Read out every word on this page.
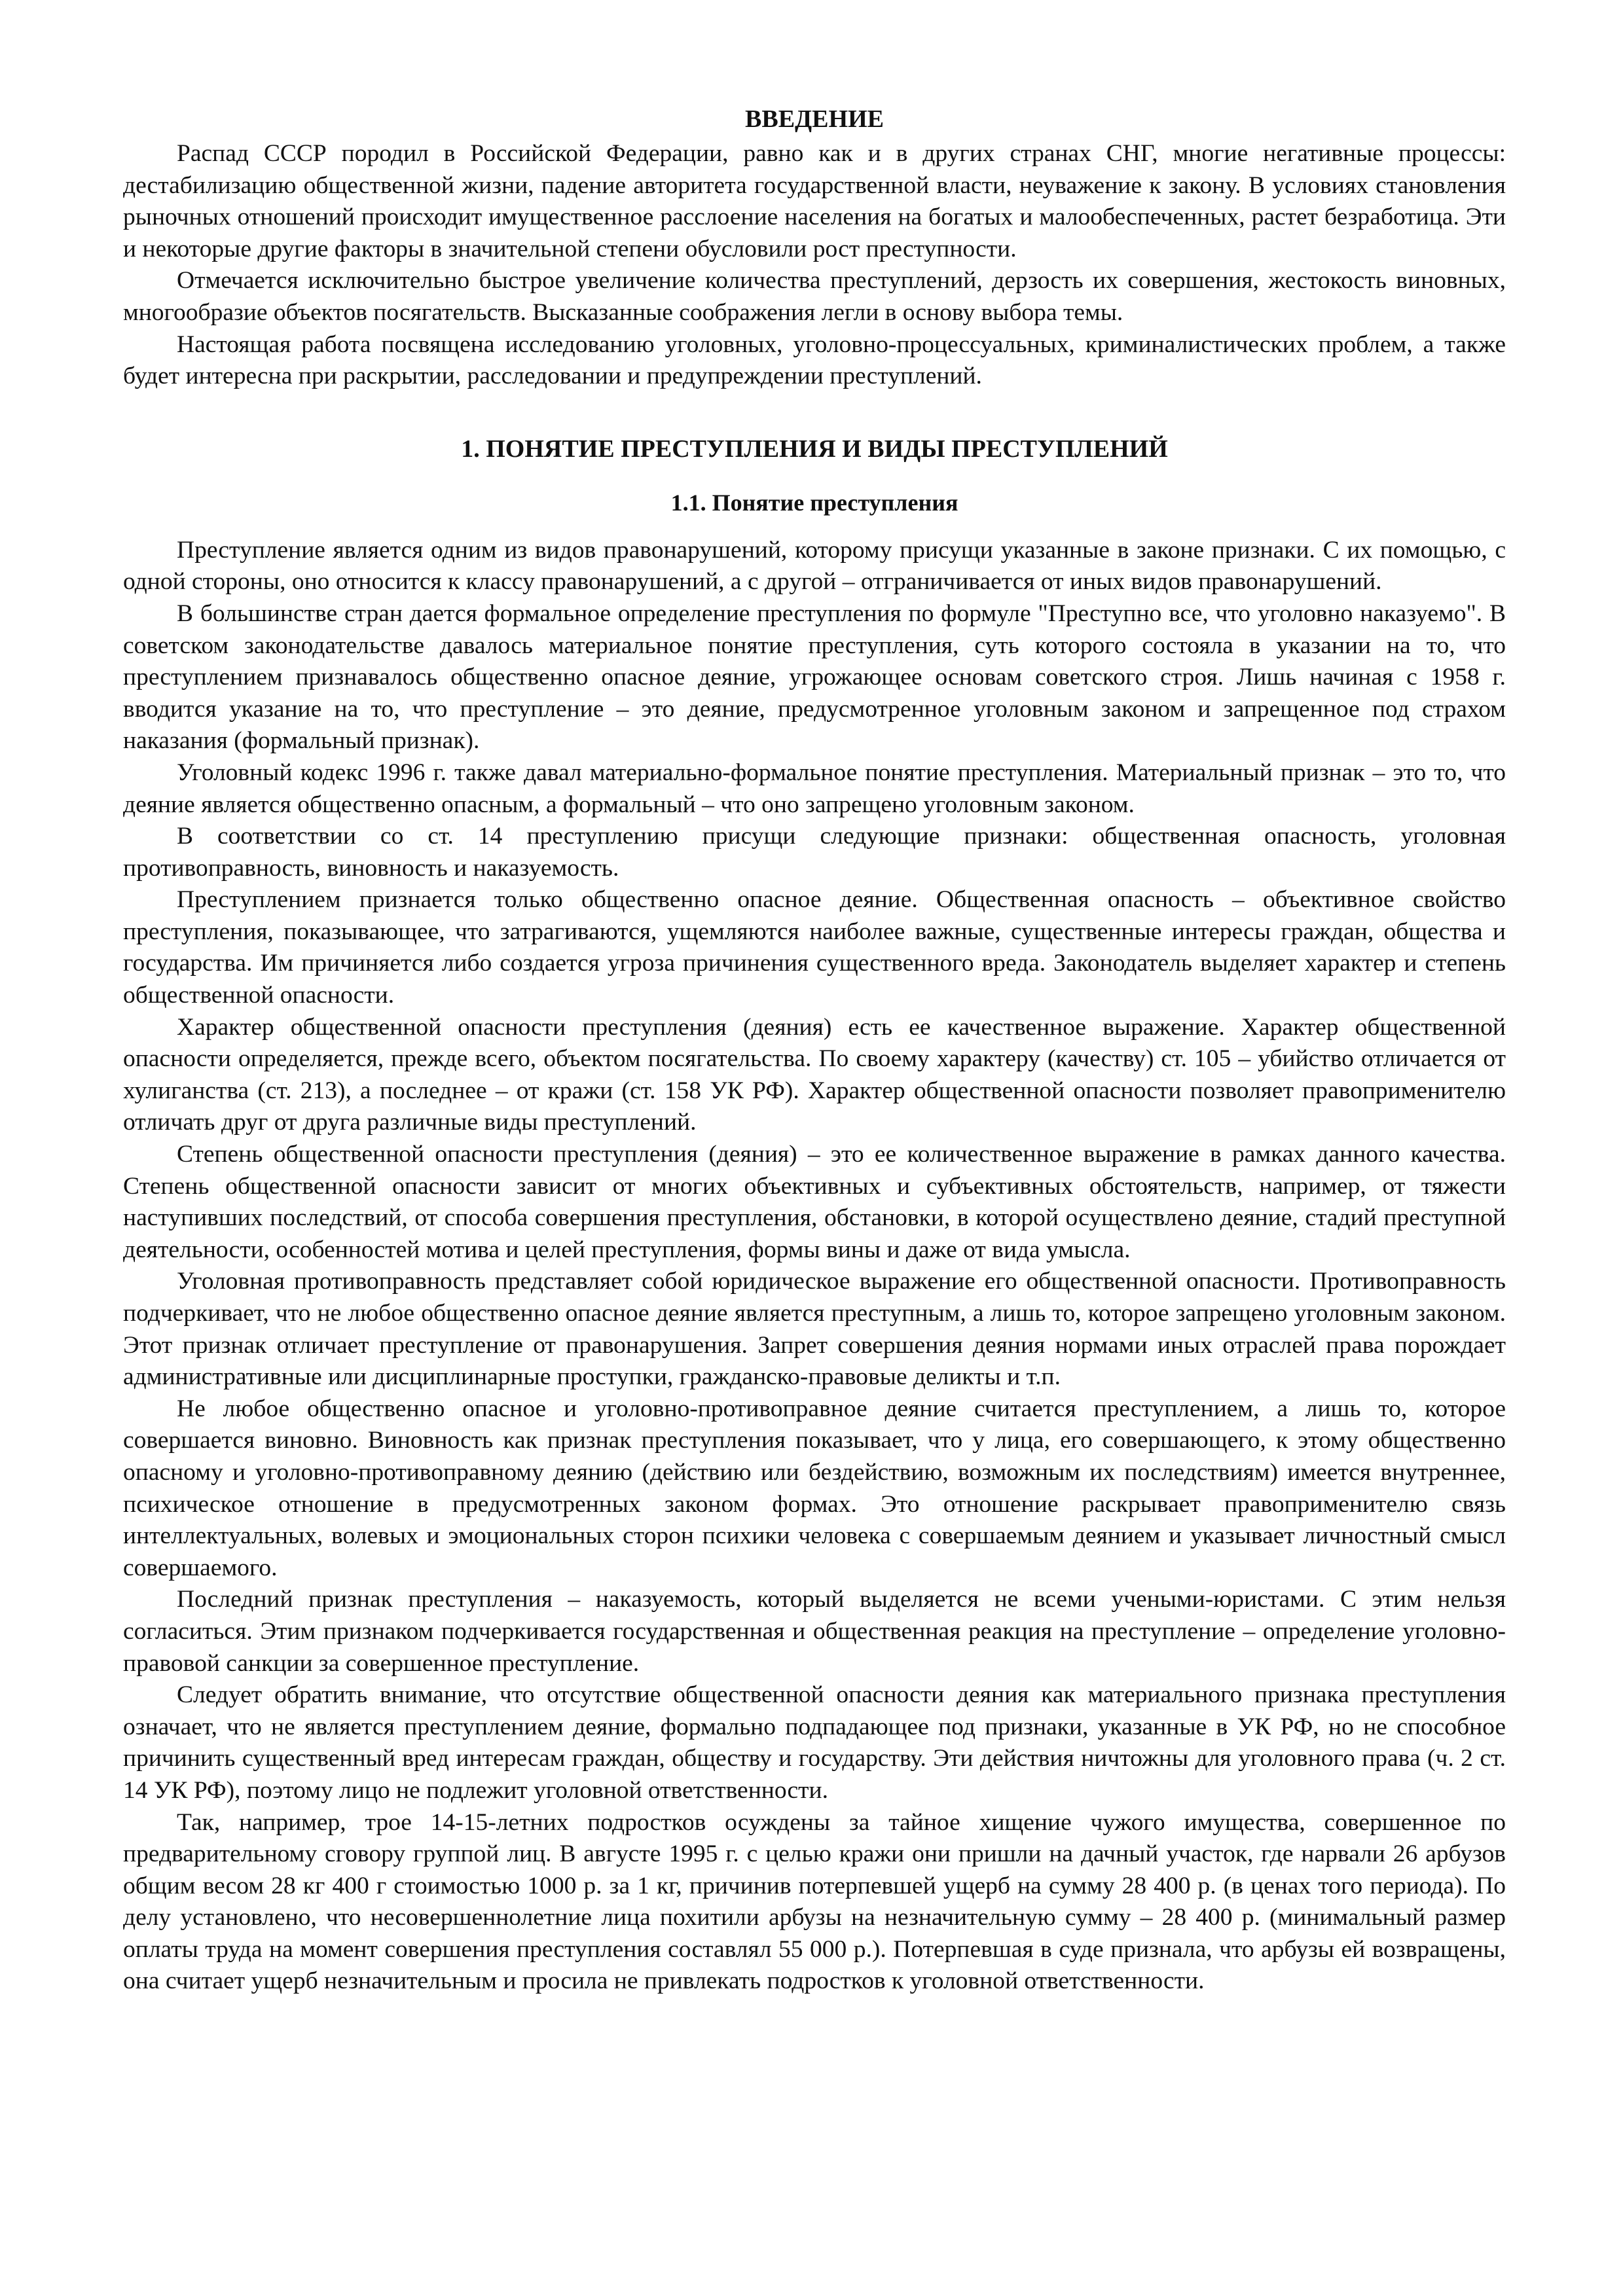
ВВЕДЕНИЕ

Распад СССР породил в Российской Федерации, равно как и в других странах СНГ, многие негативные процессы: дестабилизацию общественной жизни, падение авторитета государственной власти, неуважение к закону. В условиях становления рыночных отношений происходит имущественное расслоение населения на богатых и малообеспеченных, растет безработица. Эти и некоторые другие факторы в значительной степени обусловили рост преступности.

Отмечается исключительно быстрое увеличение количества преступлений, дерзость их совершения, жестокость виновных, многообразие объектов посягательств. Высказанные соображения легли в основу выбора темы.

Настоящая работа посвящена исследованию уголовных, уголовно-процессуальных, криминалистических проблем, а также будет интересна при раскрытии, расследовании и предупреждении преступлений.

1. ПОНЯТИЕ ПРЕСТУПЛЕНИЯ И ВИДЫ ПРЕСТУПЛЕНИЙ
1.1. Понятие преступления

Преступление является одним из видов правонарушений, которому присущи указанные в законе признаки. С их помощью, с одной стороны, оно относится к классу правонарушений, а с другой – отграничивается от иных видов правонарушений.

В большинстве стран дается формальное определение преступления по формуле "Преступно все, что уголовно наказуемо". В советском законодательстве давалось материальное понятие преступления, суть которого состояла в указании на то, что преступлением признавалось общественно опасное деяние, угрожающее основам советского строя. Лишь начиная с 1958 г. вводится указание на то, что преступление – это деяние, предусмотренное уголовным законом и запрещенное под страхом наказания (формальный признак).

Уголовный кодекс 1996 г. также давал материально-формальное понятие преступления. Материальный признак – это то, что деяние является общественно опасным, а формальный – что оно запрещено уголовным законом.

В соответствии со ст. 14 преступлению присущи следующие признаки: общественная опасность, уголовная противоправность, виновность и наказуемость.

Преступлением признается только общественно опасное деяние. Общественная опасность – объективное свойство преступления, показывающее, что затрагиваются, ущемляются наиболее важные, существенные интересы граждан, общества и государства. Им причиняется либо создается угроза причинения существенного вреда. Законодатель выделяет характер и степень общественной опасности.

Характер общественной опасности преступления (деяния) есть ее качественное выражение. Характер общественной опасности определяется, прежде всего, объектом посягательства. По своему характеру (качеству) ст. 105 – убийство отличается от хулиганства (ст. 213), а последнее – от кражи (ст. 158 УК РФ). Характер общественной опасности позволяет правоприменителю отличать друг от друга различные виды преступлений.

Степень общественной опасности преступления (деяния) – это ее количественное выражение в рамках данного качества. Степень общественной опасности зависит от многих объективных и субъективных обстоятельств, например, от тяжести наступивших последствий, от способа совершения преступления, обстановки, в которой осуществлено деяние, стадий преступной деятельности, особенностей мотива и целей преступления, формы вины и даже от вида умысла.

Уголовная противоправность представляет собой юридическое выражение его общественной опасности. Противоправность подчеркивает, что не любое общественно опасное деяние является преступным, а лишь то, которое запрещено уголовным законом. Этот признак отличает преступление от правонарушения. Запрет совершения деяния нормами иных отраслей права порождает административные или дисциплинарные проступки, гражданско-правовые деликты и т.п.

Не любое общественно опасное и уголовно-противоправное деяние считается преступлением, а лишь то, которое совершается виновно. Виновность как признак преступления показывает, что у лица, его совершающего, к этому общественно опасному и уголовно-противоправному деянию (действию или бездействию, возможным их последствиям) имеется внутреннее, психическое отношение в предусмотренных законом формах. Это отношение раскрывает правоприменителю связь интеллектуальных, волевых и эмоциональных сторон психики человека с совершаемым деянием и указывает личностный смысл совершаемого.

Последний признак преступления – наказуемость, который выделяется не всеми учеными-юристами. С этим нельзя согласиться. Этим признаком подчеркивается государственная и общественная реакция на преступление – определение уголовно-правовой санкции за совершенное преступление.

Следует обратить внимание, что отсутствие общественной опасности деяния как материального признака преступления означает, что не является преступлением деяние, формально подпадающее под признаки, указанные в УК РФ, но не способное причинить существенный вред интересам граждан, обществу и государству. Эти действия ничтожны для уголовного права (ч. 2 ст. 14 УК РФ), поэтому лицо не подлежит уголовной ответственности.

Так, например, трое 14-15-летних подростков осуждены за тайное хищение чужого имущества, совершенное по предварительному сговору группой лиц. В августе 1995 г. с целью кражи они пришли на дачный участок, где нарвали 26 арбузов общим весом 28 кг 400 г стоимостью 1000 р. за 1 кг, причинив потерпевшей ущерб на сумму 28 400 р. (в ценах того периода). По делу установлено, что несовершеннолетние лица похитили арбузы на незначительную сумму – 28 400 р. (минимальный размер оплаты труда на момент совершения преступления составлял 55 000 р.). Потерпевшая в суде признала, что арбузы ей возвращены, она считает ущерб незначительным и просила не привлекать подростков к уголовной ответственности.
